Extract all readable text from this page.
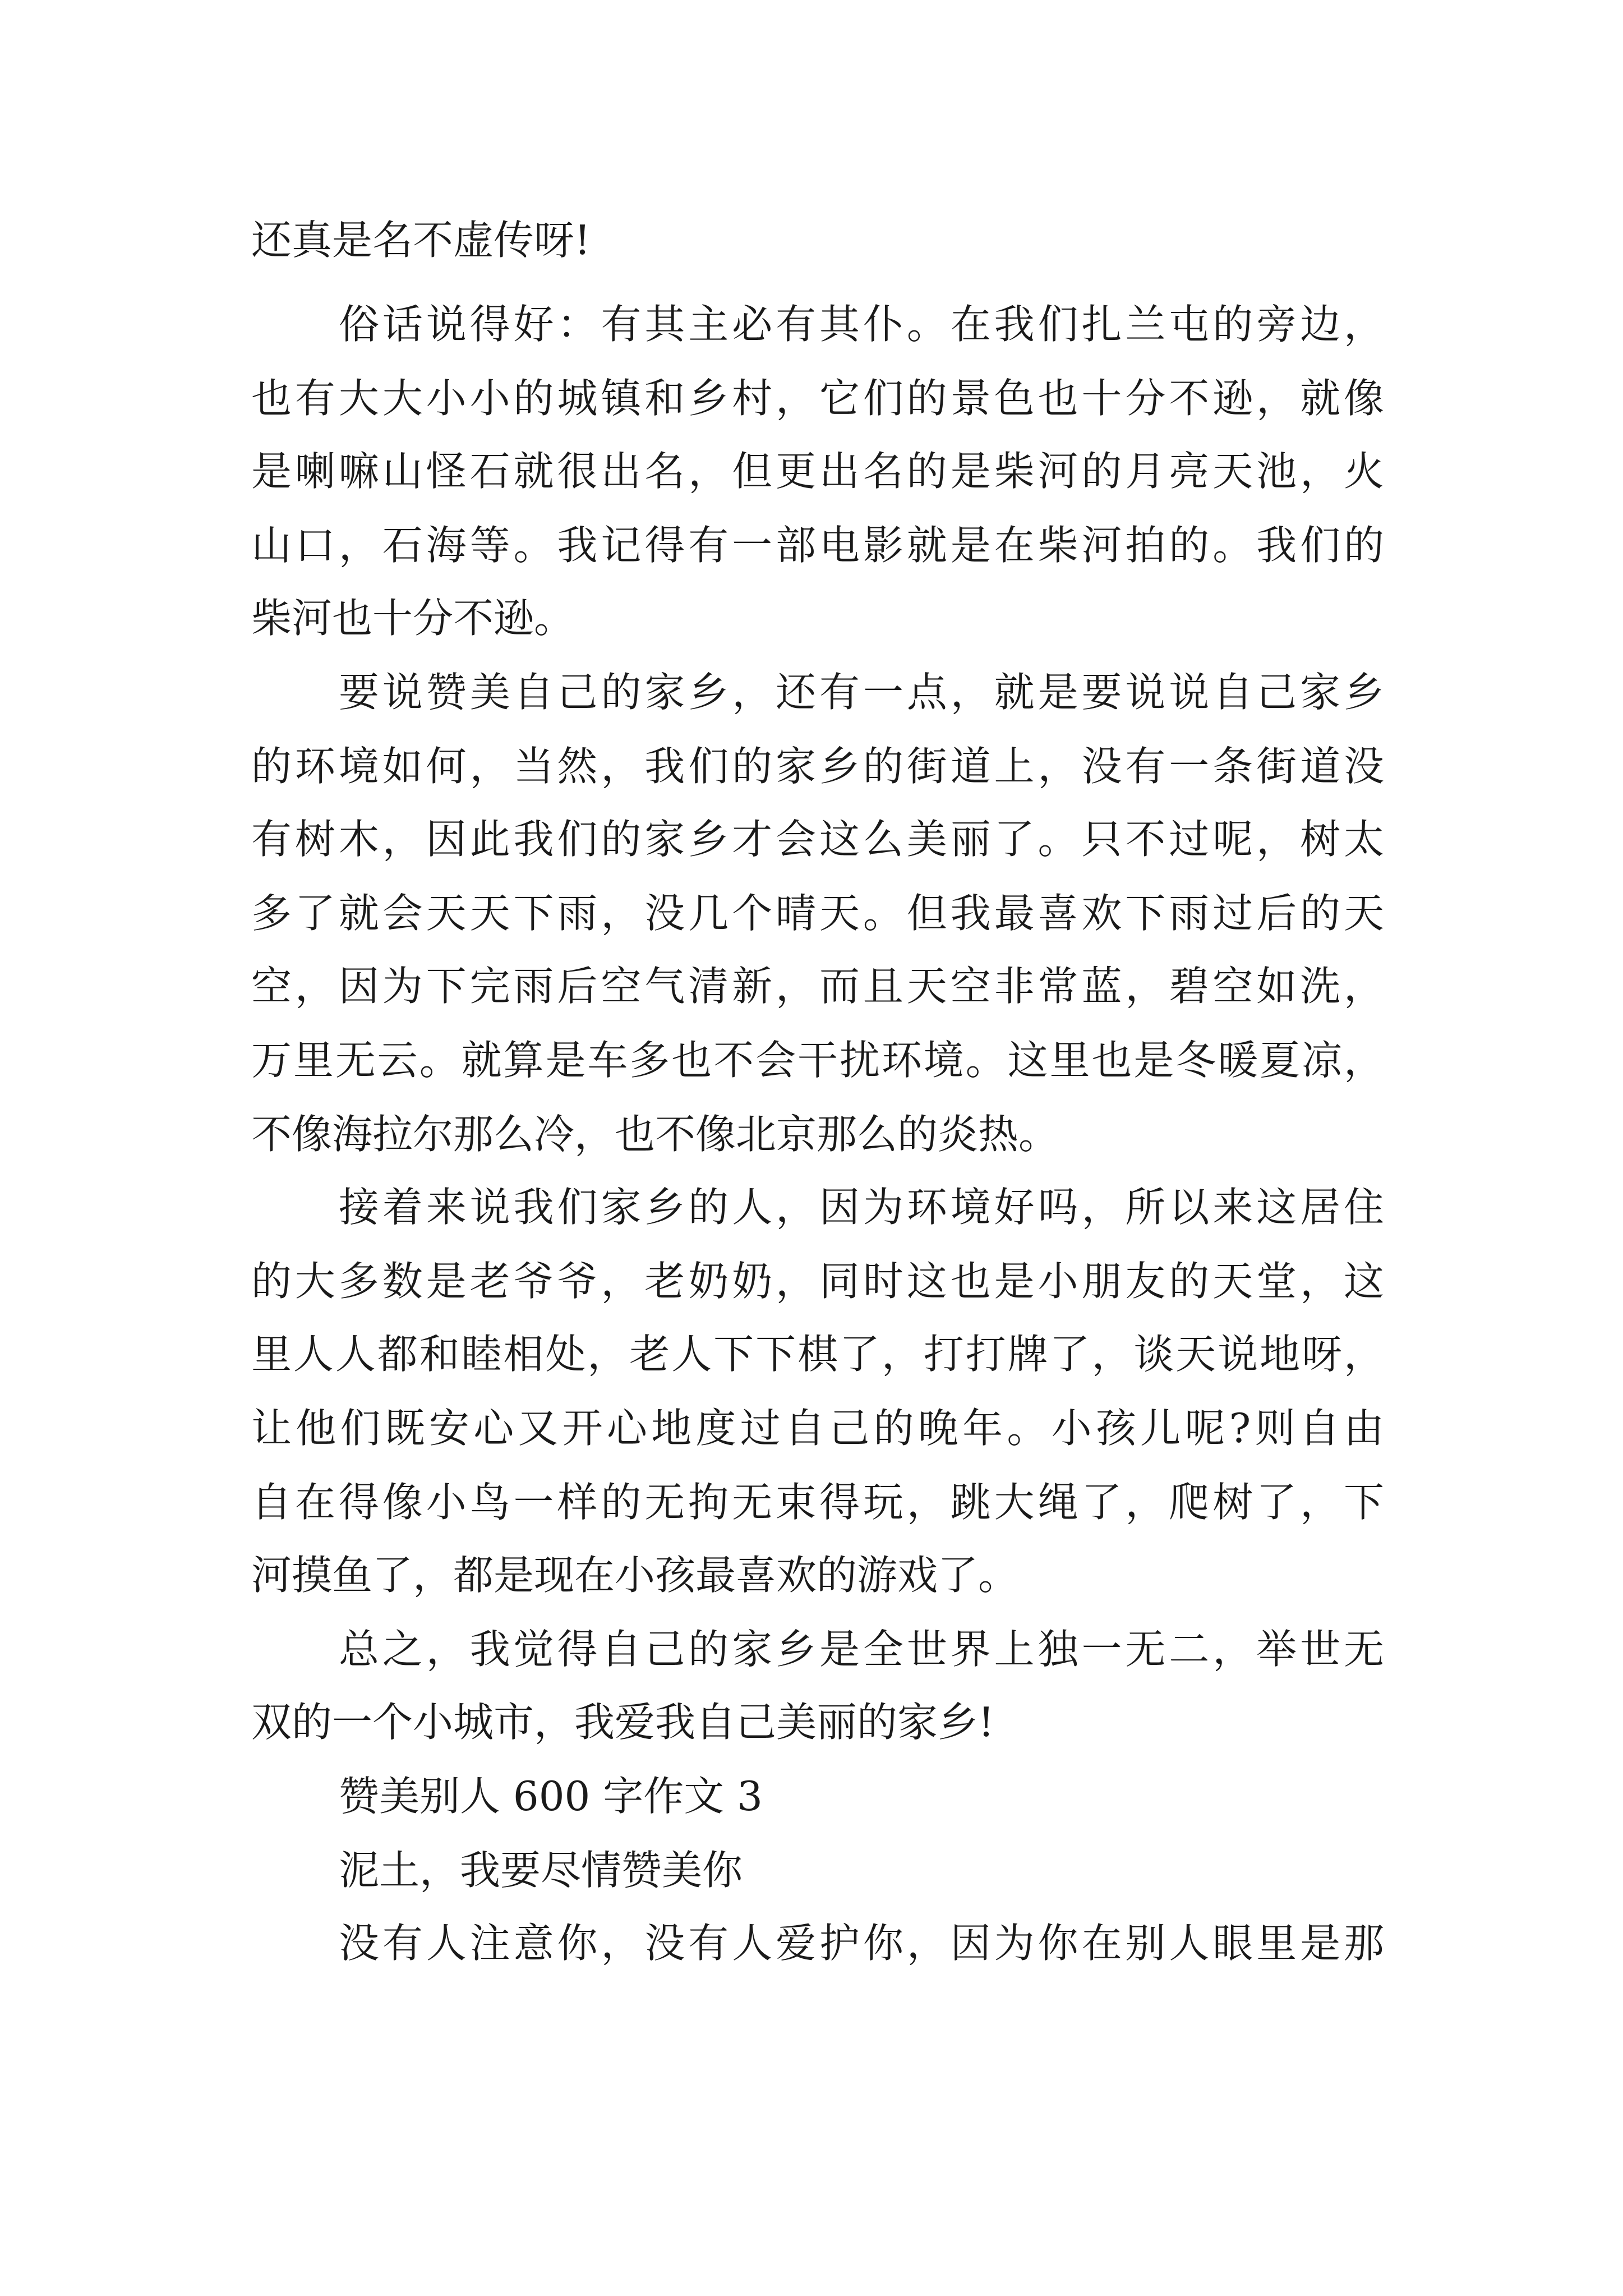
还真是名不虚传呀!
俗话说得好：有其主必有其仆。在我们扎兰屯的旁边，
也有大大小小的城镇和乡村，它们的景色也十分不逊，就像
是喇嘛山怪石就很出名，但更出名的是柴河的月亮天池，火
山口，石海等。我记得有一部电影就是在柴河拍的。我们的
柴河也十分不逊。
要说赞美自己的家乡，还有一点，就是要说说自己家乡
的环境如何，当然，我们的家乡的街道上，没有一条街道没
有树木，因此我们的家乡才会这么美丽了。只不过呢，树太
多了就会天天下雨，没几个晴天。但我最喜欢下雨过后的天
空，因为下完雨后空气清新，而且天空非常蓝，碧空如洗，
万里无云。就算是车多也不会干扰环境。这里也是冬暖夏凉，
不像海拉尔那么冷，也不像北京那么的炎热。
接着来说我们家乡的人，因为环境好吗，所以来这居住
的大多数是老爷爷，老奶奶，同时这也是小朋友的天堂，这
里人人都和睦相处，老人下下棋了，打打牌了，谈天说地呀，
让他们既安心又开心地度过自己的晚年。小孩儿呢?则自由
自在得像小鸟一样的无拘无束得玩，跳大绳了，爬树了，下
河摸鱼了，都是现在小孩最喜欢的游戏了。
总之，我觉得自己的家乡是全世界上独一无二，举世无
双的一个小城市，我爱我自己美丽的家乡!
赞美别人 600 字作文 3
泥土，我要尽情赞美你
没有人注意你，没有人爱护你，因为你在别人眼里是那
